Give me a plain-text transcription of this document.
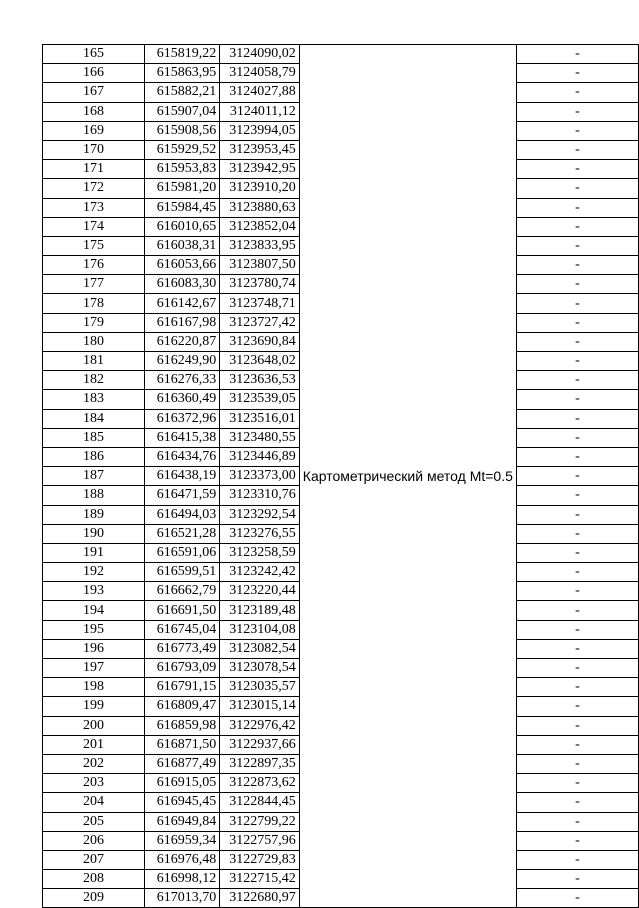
165	615819,22	3124090,02	Картометрический метод Mt=0.5	-
166	615863,95	3124058,79		-
167	615882,21	3124027,88		-
168	615907,04	3124011,12		-
169	615908,56	3123994,05		-
170	615929,52	3123953,45		-
171	615953,83	3123942,95		-
172	615981,20	3123910,20		-
173	615984,45	3123880,63		-
174	616010,65	3123852,04		-
175	616038,31	3123833,95		-
176	616053,66	3123807,50		-
177	616083,30	3123780,74		-
178	616142,67	3123748,71		-
179	616167,98	3123727,42		-
180	616220,87	3123690,84		-
181	616249,90	3123648,02		-
182	616276,33	3123636,53		-
183	616360,49	3123539,05		-
184	616372,96	3123516,01		-
185	616415,38	3123480,55		-
186	616434,76	3123446,89		-
187	616438,19	3123373,00		-
188	616471,59	3123310,76		-
189	616494,03	3123292,54		-
190	616521,28	3123276,55		-
191	616591,06	3123258,59		-
192	616599,51	3123242,42		-
193	616662,79	3123220,44		-
194	616691,50	3123189,48		-
195	616745,04	3123104,08		-
196	616773,49	3123082,54		-
197	616793,09	3123078,54		-
198	616791,15	3123035,57		-
199	616809,47	3123015,14		-
200	616859,98	3122976,42		-
201	616871,50	3122937,66		-
202	616877,49	3122897,35		-
203	616915,05	3122873,62		-
204	616945,45	3122844,45		-
205	616949,84	3122799,22		-
206	616959,34	3122757,96		-
207	616976,48	3122729,83		-
208	616998,12	3122715,42		-
209	617013,70	3122680,97		-
